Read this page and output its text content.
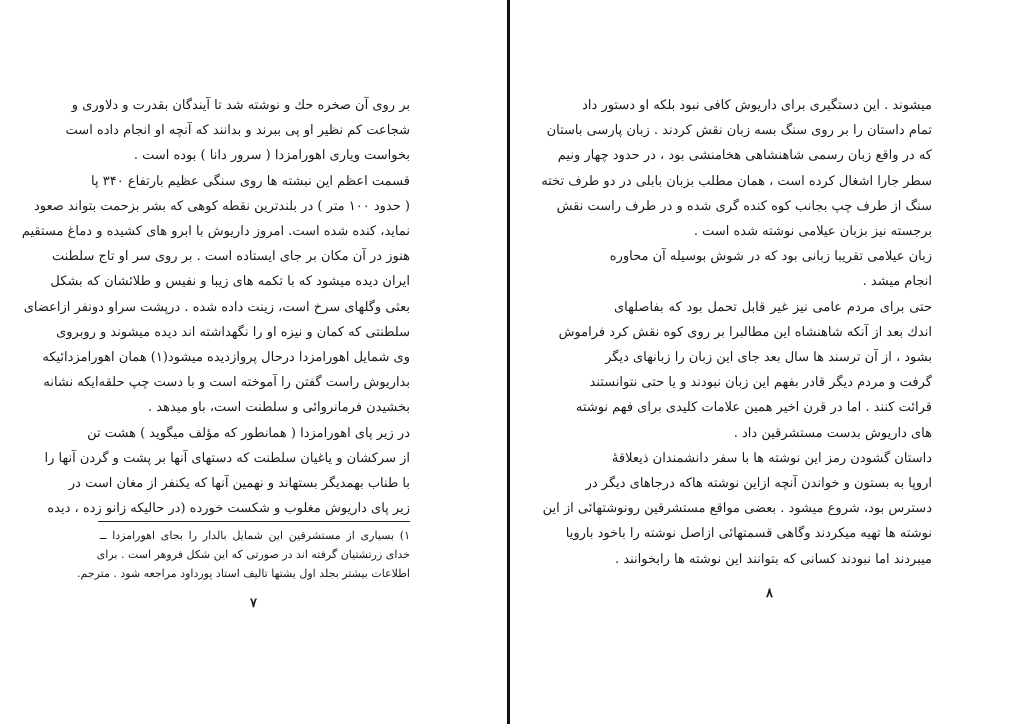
بر روی آن صخره حك و نوشته شد تا آیندگان بقدرت و دلاوری و
شجاعت کم نظیر او پی ببرند و بدانند که آنچه او انجام داده است
بخواست ویاری اهورامزدا ( سرور دانا ) بوده است .

قسمت اعظم این نبشته ها روی سنگی عظیم بارتفاع ۳۴۰ پا
( حدود ۱۰۰ متر ) در بلندترین نقطه کوهی که بشر بزحمت بتواند صعود
نماید، کنده شده است. امروز داریوش با ابرو های کشیده و دماغ مستقیم
هنوز در آن مکان بر جای ایستاده است . بر روی سر او تاج سلطنت
ایران دیده میشود که با تکمه های زیبا و نفیس و طلائشان که بشکل
بعثی وگلهای سرخ است، زینت داده شده . درپشت سراو دونفر ازاعضای
سلطنتی که کمان و نیزه او را نگهداشته اند دیده میشوند و روبروی
وی شمایل اهورامزدا درحال پروازدیده میشود(۱) همان اهورامزدائیکه
بداریوش راست گفتن را آموخته است و با دست چپ حلقه‌ایکه نشانه
بخشیدن فرمانروائی و سلطنت است، باو میدهد .

در زیر پای اهورامزدا ( همانطور که مؤلف میگوید ) هشت تن
از سرکشان و یاغیان سلطنت که دستهای آنها بر پشت و گردن آنها را
با طناب بهمدیگر بستهاند و نهمین آنها که یکنفر از مغان است در
زیر پای داریوش مغلوب و شکست خورده (در حالیکه زانو زده ، دیده

۱) بسیاری از مستشرقین این شمایل بالدار را بجای اهورامزدا ــ
خدای زرتشتیان گرفته اند در صورتی که این شکل فروهر است . برای
اطلاعات بیشتر بجلد اول یشتها تالیف استاد پورداود مراجعه شود . مترجم.
۷

میشوند . این دستگیری برای داریوش کافی نبود بلکه او دستور داد
تمام داستان را بر روی سنگ بسه زبان نقش کردند . زبان پارسی باستان
که در واقع زبان رسمی شاهنشاهی هخامنشی بود ، در حدود چهار ونیم
سطر جارا اشغال کرده است ، همان مطلب بزبان بابلی در دو طرف تخته
سنگ از طرف چپ بجانب کوه کنده گری شده و در طرف راست نقش
برجسته نیز بزبان عیلامی نوشته شده است .

زبان عیلامی تقریبا زبانی بود که در شوش بوسیله آن محاوره
انجام میشد .

حتی برای مردم عامی نیز غیر قابل تحمل بود که بفاصلهای
اندك بعد از آنکه شاهنشاه این مطالبرا بر روی کوه نقش کرد فراموش
بشود ، از آن ترسند ها سال بعد جای این زبان را زبانهای دیگر
گرفت و مردم دیگر قادر بفهم این زبان نبودند و یا حتی نتوانستند
قرائت کنند . اما در قرن اخیر همین علامات کلیدی برای فهم نوشته
های داریوش بدست مستشرقین داد .

داستان گشودن رمز این نوشته ها با سفر دانشمندان ذیعلاقهٔ
اروپا به بستون و خواندن آنچه ازاین نوشته هاکه درجاهای دیگر در
دسترس بود، شروع میشود . بعضی مواقع مستشرقین رونوشتهائی از این
نوشته ها تهیه میکردند وگاهی قسمتهائی ازاصل نوشته را باخود بارویا
میبردند اما نبودند کسانی که بتوانند این نوشته ها رابخوانند .

۸
